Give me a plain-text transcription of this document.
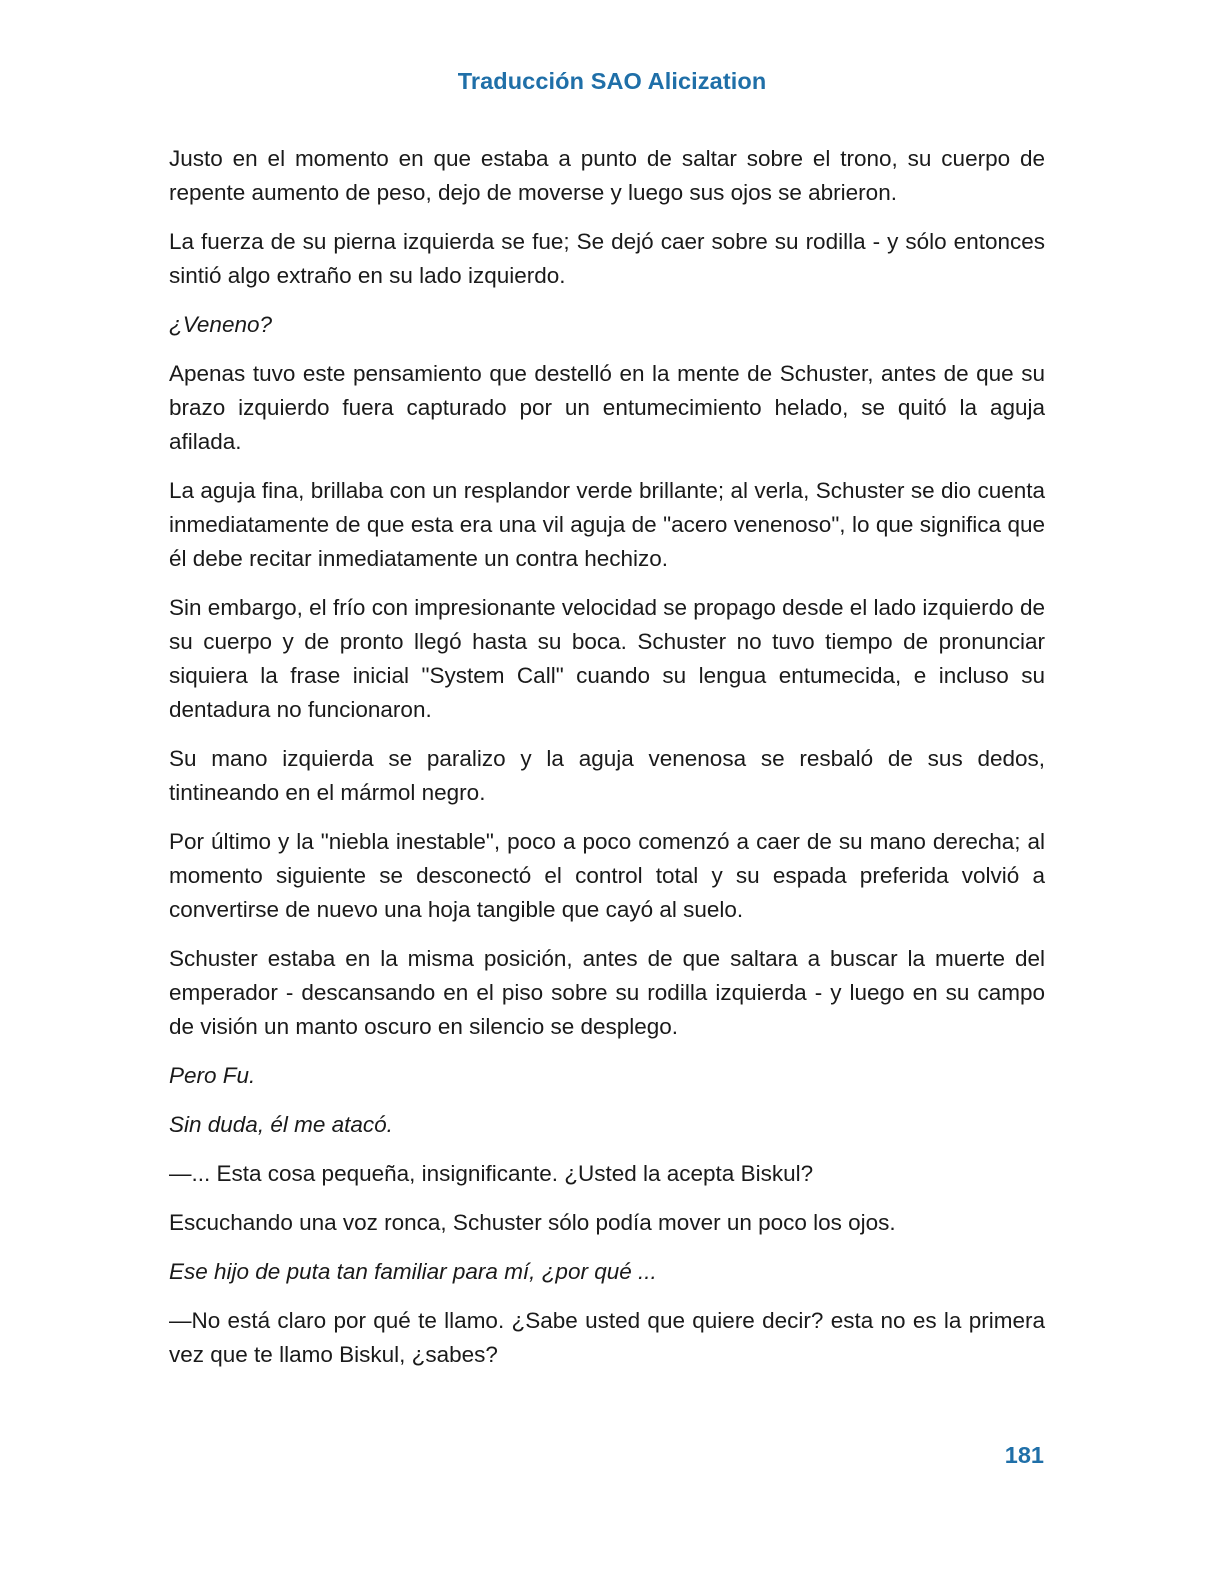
Traducción SAO Alicization

Justo en el momento en que estaba a punto de saltar sobre el trono, su cuerpo de repente aumento de peso, dejo de moverse y luego sus ojos se abrieron.

La fuerza de su pierna izquierda se fue; Se dejó caer sobre su rodilla - y sólo entonces sintió algo extraño en su lado izquierdo.

¿Veneno?

Apenas tuvo este pensamiento que destelló en la mente de Schuster, antes de que su brazo izquierdo fuera capturado por un entumecimiento helado, se quitó la aguja afilada.

La aguja fina, brillaba con un resplandor verde brillante; al verla, Schuster se dio cuenta inmediatamente de que esta era una vil aguja de "acero venenoso", lo que significa que él debe recitar inmediatamente un contra hechizo.

Sin embargo, el frío con impresionante velocidad se propago desde el lado izquierdo de su cuerpo y de pronto llegó hasta su boca. Schuster no tuvo tiempo de pronunciar siquiera la frase inicial "System Call" cuando su lengua entumecida, e incluso su dentadura no funcionaron.

Su mano izquierda se paralizo y la aguja venenosa se resbaló de sus dedos, tintineando en el mármol negro.

Por último y la "niebla inestable", poco a poco comenzó a caer de su mano derecha; al momento siguiente se desconectó el control total y su espada preferida volvió a convertirse de nuevo una hoja tangible que cayó al suelo.

Schuster estaba en la misma posición, antes de que saltara a buscar la muerte del emperador - descansando en el piso sobre su rodilla izquierda - y luego en su campo de visión un manto oscuro en silencio se desplego.

Pero Fu.

Sin duda, él me atacó.

—... Esta cosa pequeña, insignificante. ¿Usted la acepta Biskul?

Escuchando una voz ronca, Schuster sólo podía mover un poco los ojos.

Ese hijo de puta tan familiar para mí, ¿por qué ...

—No está claro por qué te llamo. ¿Sabe usted que quiere decir? esta no es la primera vez que te llamo Biskul, ¿sabes?

181
